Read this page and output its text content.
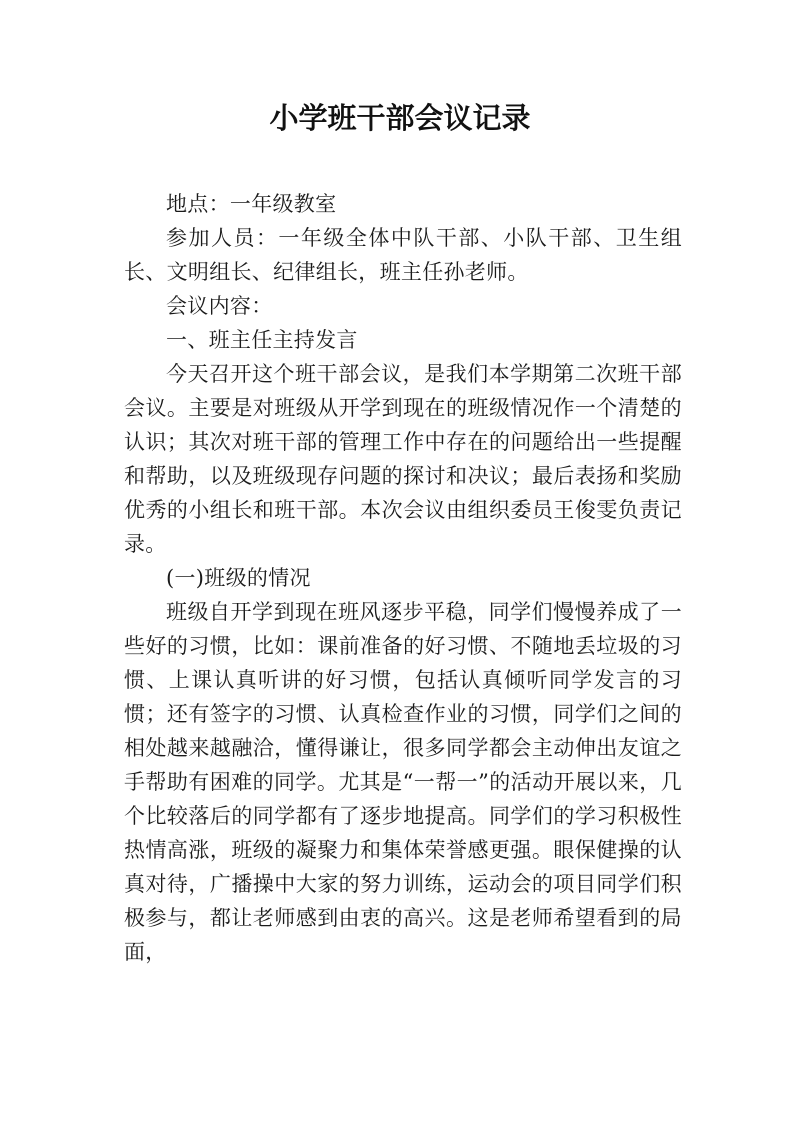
小学班干部会议记录

地点：一年级教室

参加人员：一年级全体中队干部、小队干部、卫生组长、文明组长、纪律组长，班主任孙老师。

会议内容：

一、班主任主持发言

今天召开这个班干部会议，是我们本学期第二次班干部会议。主要是对班级从开学到现在的班级情况作一个清楚的认识；其次对班干部的管理工作中存在的问题给出一些提醒和帮助，以及班级现存问题的探讨和决议；最后表扬和奖励优秀的小组长和班干部。本次会议由组织委员王俊雯负责记录。

(一)班级的情况

班级自开学到现在班风逐步平稳，同学们慢慢养成了一些好的习惯，比如：课前准备的好习惯、不随地丢垃圾的习惯、上课认真听讲的好习惯，包括认真倾听同学发言的习惯；还有签字的习惯、认真检查作业的习惯，同学们之间的相处越来越融洽，懂得谦让，很多同学都会主动伸出友谊之手帮助有困难的同学。尤其是“一帮一”的活动开展以来，几个比较落后的同学都有了逐步地提高。同学们的学习积极性热情高涨，班级的凝聚力和集体荣誉感更强。眼保健操的认真对待，广播操中大家的努力训练，运动会的项目同学们积极参与，都让老师感到由衷的高兴。这是老师希望看到的局面，
